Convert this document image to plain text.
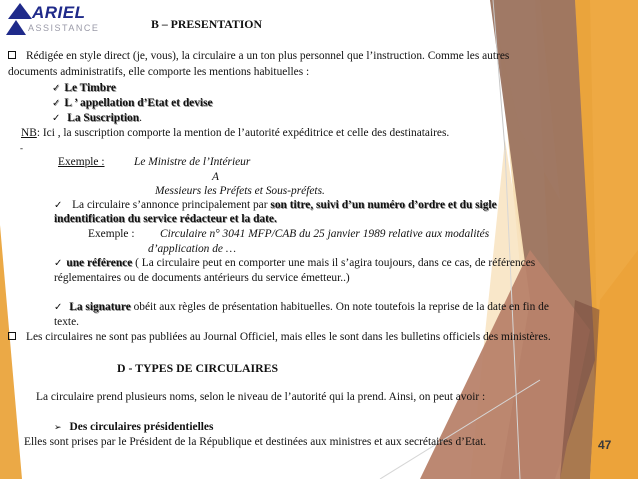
ARIEL
ASSISTANCE	B – PRESENTATION
Rédigée en style direct (je, vous), la circulaire a un ton plus personnel que l’instruction. Comme les autres
documents administratifs, elle comporte les mentions habituelles :
✓ Le Timbre
✓ L ’ appellation d’Etat et devise
✓ La Suscription.
NB: Ici , la suscription comporte la mention de l’autorité expéditrice et celle des destinataires.
-
Exemple :	Le Ministre de l’Intérieur
A
Messieurs les Préfets et Sous-préfets.
✓ La circulaire s’annonce principalement par son titre, suivi d’un numéro d’ordre et du sigle
indentification du service rédacteur et la date.
Exemple : Circulaire n° 3041 MFP/CAB du 25 janvier 1989 relative aux modalités
d’application de …
✓ une référence ( La circulaire peut en comporter une mais il s’agira toujours, dans ce cas, de références
réglementaires ou de documents antérieurs du service émetteur..)
✓ La signature obéit aux règles de présentation habituelles. On note toutefois la reprise de la date en fin de
texte.
Les circulaires ne sont pas publiées au Journal Officiel, mais elles le sont dans les bulletins officiels des ministères.
D - TYPES DE CIRCULAIRES
La circulaire prend plusieurs noms, selon le niveau de l’autorité qui la prend. Ainsi, on peut avoir :
➢ Des circulaires présidentielles
Elles sont prises par le Président de la République et destinées aux ministres et aux secrétaires d’Etat.	47
